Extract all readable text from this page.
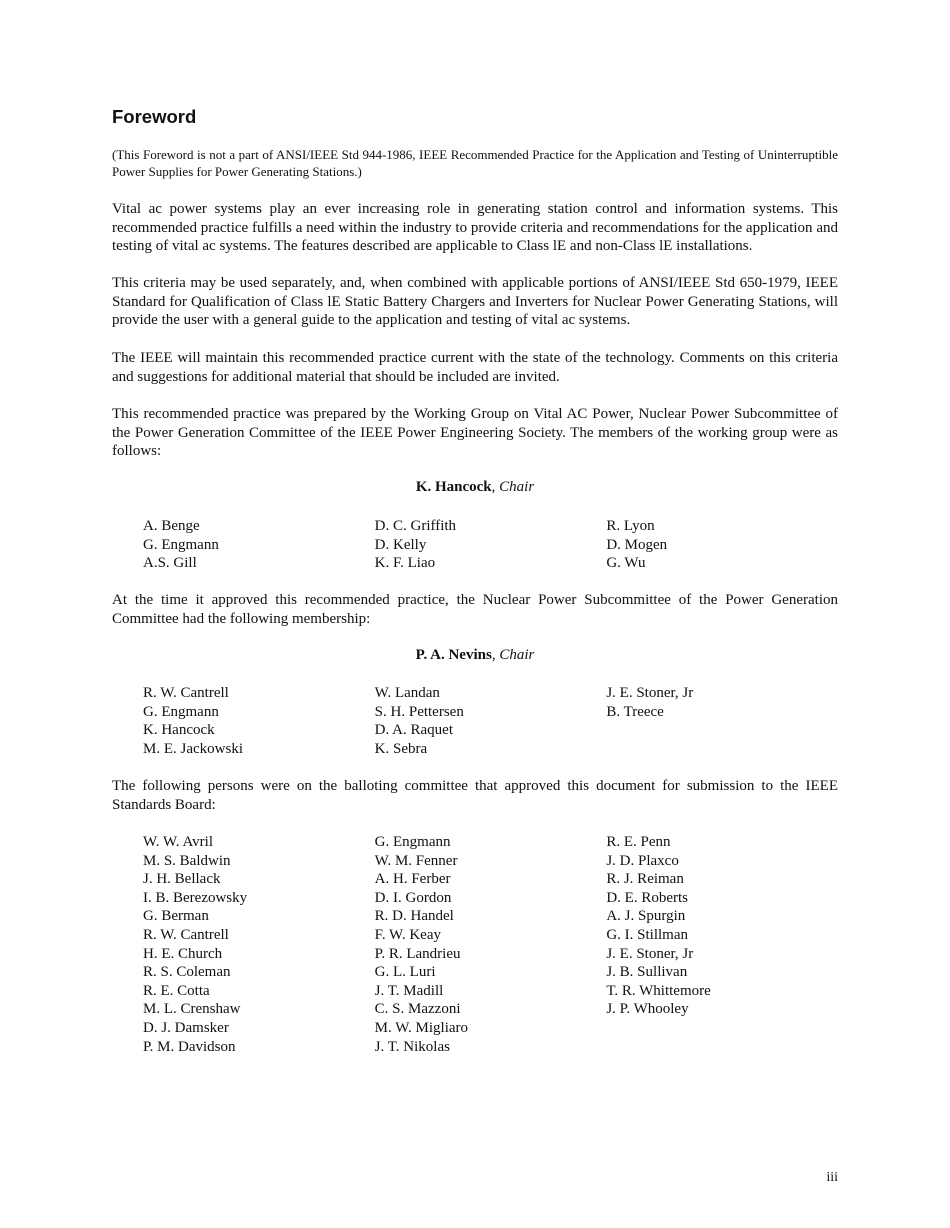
Foreword

(This Foreword is not a part of ANSI/IEEE Std 944-1986, IEEE Recommended Practice for the Application and Testing of Uninterruptible Power Supplies for Power Generating Stations.)

Vital ac power systems play an ever increasing role in generating station control and information systems. This recommended practice fulfills a need within the industry to provide criteria and recommendations for the application and testing of vital ac systems. The features described are applicable to Class lE and non-Class lE installations.

This criteria may be used separately, and, when combined with applicable portions of ANSI/IEEE Std 650-1979, IEEE Standard for Qualification of Class lE Static Battery Chargers and Inverters for Nuclear Power Generating Stations, will provide the user with a general guide to the application and testing of vital ac systems.

The IEEE will maintain this recommended practice current with the state of the technology. Comments on this criteria and suggestions for additional material that should be included are invited.

This recommended practice was prepared by the Working Group on Vital AC Power, Nuclear Power Subcommittee of the Power Generation Committee of the IEEE Power Engineering Society. The members of the working group were as follows:

K. Hancock, Chair
A. Benge
G. Engmann
A.S. Gill
D. C. Griffith
D. Kelly
K. F. Liao
R. Lyon
D. Mogen
G. Wu

At the time it approved this recommended practice, the Nuclear Power Subcommittee of the Power Generation Committee had the following membership:

P. A. Nevins, Chair
R. W. Cantrell
G. Engmann
K. Hancock
M. E. Jackowski
W. Landan
S. H. Pettersen
D. A. Raquet
K. Sebra
J. E. Stoner, Jr
B. Treece

The following persons were on the balloting committee that approved this document for submission to the IEEE Standards Board:

W. W. Avril
M. S. Baldwin
J. H. Bellack
I. B. Berezowsky
G. Berman
R. W. Cantrell
H. E. Church
R. S. Coleman
R. E. Cotta
M. L. Crenshaw
D. J. Damsker
P. M. Davidson
G. Engmann
W. M. Fenner
A. H. Ferber
D. I. Gordon
R. D. Handel
F. W. Keay
P. R. Landrieu
G. L. Luri
J. T. Madill
C. S. Mazzoni
M. W. Migliaro
J. T. Nikolas
R. E. Penn
J. D. Plaxco
R. J. Reiman
D. E. Roberts
A. J. Spurgin
G. I. Stillman
J. E. Stoner, Jr
J. B. Sullivan
T. R. Whittemore
J. P. Whooley
iii
